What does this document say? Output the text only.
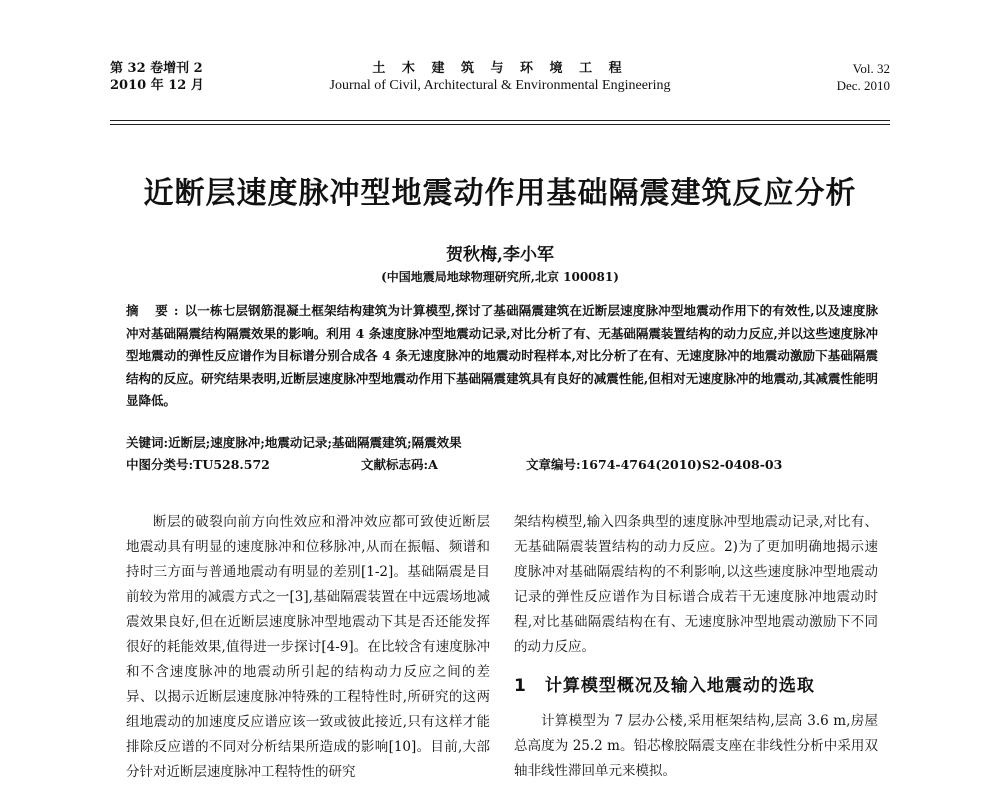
第 32 卷增刊 2
2010 年 12 月
土 木 建 筑 与 环 境 工 程
Journal of Civil, Architectural & Environmental Engineering
Vol. 32
Dec. 2010
近断层速度脉冲型地震动作用基础隔震建筑反应分析
贺秋梅,李小军
(中国地震局地球物理研究所,北京 100081)
摘 要:以一栋七层钢筋混凝土框架结构建筑为计算模型,探讨了基础隔震建筑在近断层速度脉冲型地震动作用下的有效性,以及速度脉冲对基础隔震结构隔震效果的影响。利用 4 条速度脉冲型地震动记录,对比分析了有、无基础隔震装置结构的动力反应,并以这些速度脉冲型地震动的弹性反应谱作为目标谱分别合成各 4 条无速度脉冲的地震动时程样本,对比分析了在有、无速度脉冲的地震动激励下基础隔震结构的反应。研究结果表明,近断层速度脉冲型地震动作用下基础隔震建筑具有良好的减震性能,但相对无速度脉冲的地震动,其减震性能明显降低。
关键词:近断层;速度脉冲;地震动记录;基础隔震建筑;隔震效果
中图分类号:TU528.572	文献标志码:A	文章编号:1674-4764(2010)S2-0408-03

断层的破裂向前方向性效应和滑冲效应都可致使近断层地震动具有明显的速度脉冲和位移脉冲,从而在振幅、频谱和持时三方面与普通地震动有明显的差别[1-2]。基础隔震是目前较为常用的减震方式之一[3],基础隔震装置在中远震场地减震效果良好,但在近断层速度脉冲型地震动下其是否还能发挥很好的耗能效果,值得进一步探讨[4-9]。在比较含有速度脉冲和不含速度脉冲的地震动所引起的结构动力反应之间的差异、以揭示近断层速度脉冲特殊的工程特性时,所研究的这两组地震动的加速度反应谱应该一致或彼此接近,只有这样才能排除反应谱的不同对分析结果所造成的影响[10]。目前,大部分针对近断层速度脉冲工程特性的研究

架结构模型,输入四条典型的速度脉冲型地震动记录,对比有、无基础隔震装置结构的动力反应。2)为了更加明确地揭示速度脉冲对基础隔震结构的不利影响,以这些速度脉冲型地震动记录的弹性反应谱作为目标谱合成若干无速度脉冲地震动时程,对比基础隔震结构在有、无速度脉冲型地震动激励下不同的动力反应。

1 计算模型概况及输入地震动的选取

计算模型为 7 层办公楼,采用框架结构,层高 3.6 m,房屋总高度为 25.2 m。铅芯橡胶隔震支座在非线性分析中采用双轴非线性滞回单元来模拟。
